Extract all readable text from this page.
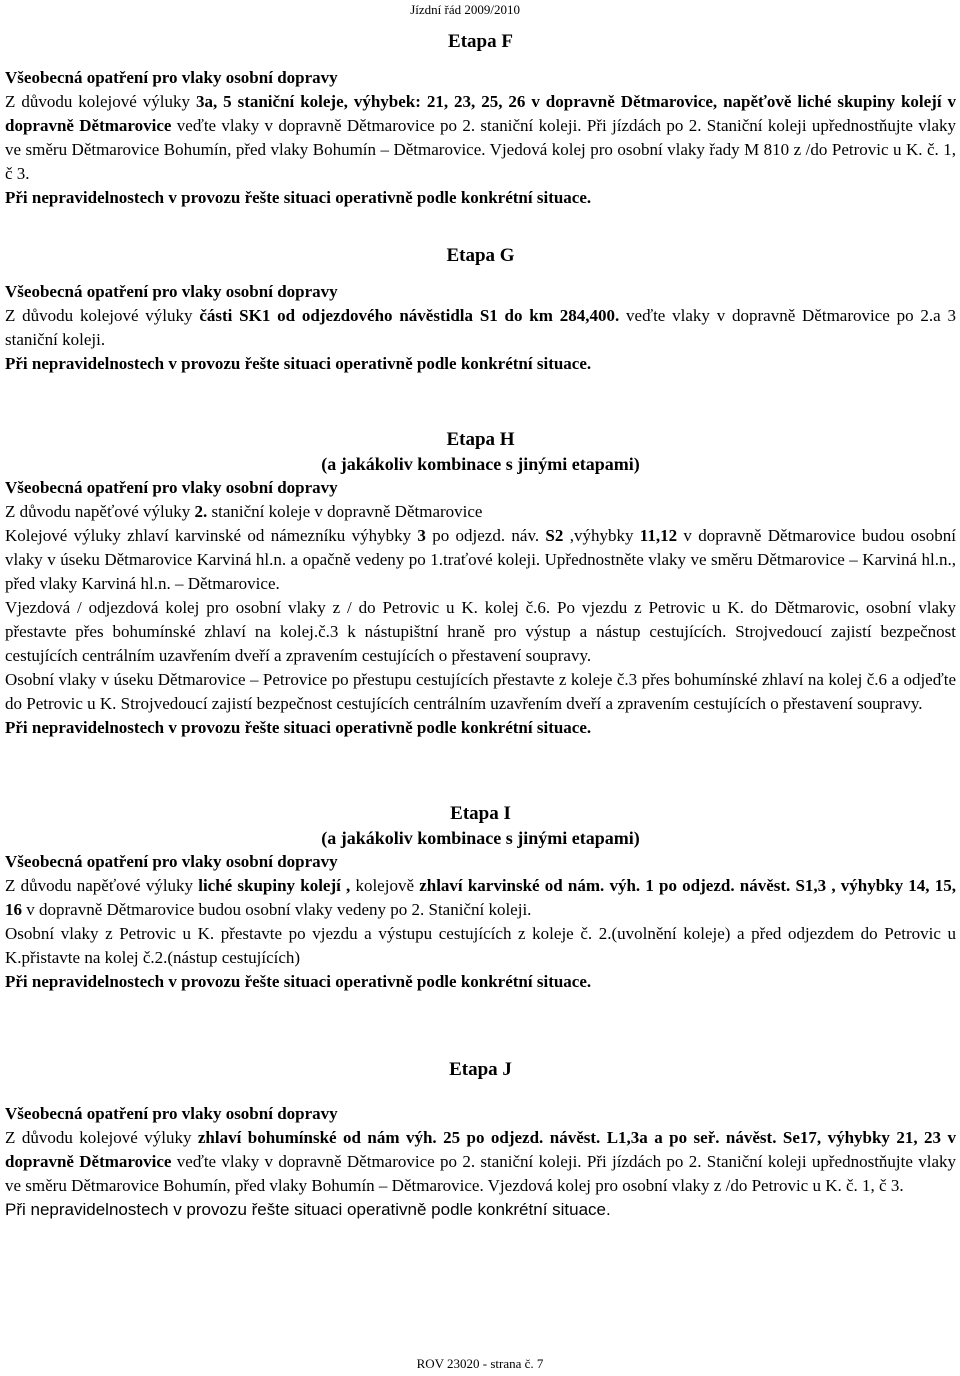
Jízdní řád 2009/2010
Etapa F

Všeobecná opatření pro vlaky osobní dopravy

Z důvodu kolejové výluky 3a, 5 staniční koleje, výhybek: 21, 23, 25, 26 v dopravně Dětmarovice, napěťově liché skupiny kolejí v dopravně Dětmarovice veďte vlaky v dopravně Dětmarovice po 2. staniční koleji. Při jízdách po 2. Staniční koleji upřednostňujte vlaky ve směru Dětmarovice Bohumín, před vlaky Bohumín – Dětmarovice. Vjedová kolej pro osobní vlaky řady M 810 z /do Petrovic u K. č. 1, č 3.

Při nepravidelnostech v provozu řešte situaci operativně podle konkrétní situace.

Etapa G

Všeobecná opatření pro vlaky osobní dopravy

Z důvodu kolejové výluky části SK1 od odjezdového návěstidla S1 do km 284,400. veďte vlaky v dopravně Dětmarovice po 2.a 3 staniční koleji.

Při nepravidelnostech v provozu řešte situaci operativně podle konkrétní situace.

Etapa H
(a jakákoliv kombinace s jinými etapami)

Všeobecná opatření pro vlaky osobní dopravy

Z důvodu napěťové výluky 2. staniční koleje v dopravně Dětmarovice

Kolejové výluky zhlaví karvinské od námezníku výhybky 3 po odjezd. náv. S2 ,výhybky 11,12 v dopravně Dětmarovice budou osobní vlaky v úseku Dětmarovice Karviná hl.n. a opačně vedeny po 1.traťové koleji. Upřednostněte vlaky ve směru Dětmarovice – Karviná hl.n., před vlaky Karviná hl.n. – Dětmarovice.

Vjezdová / odjezdová kolej pro osobní vlaky z / do Petrovic u K. kolej č.6. Po vjezdu z Petrovic u K. do Dětmarovic, osobní vlaky přestavte přes bohumínské zhlaví na kolej.č.3 k nástupištní hraně pro výstup a nástup cestujících. Strojvedoucí zajistí bezpečnost cestujících centrálním uzavřením dveří a zpravením cestujících o přestavení soupravy.

Osobní vlaky v úseku Dětmarovice – Petrovice po přestupu cestujících přestavte z koleje č.3 přes bohumínské zhlaví na kolej č.6 a odjeďte do Petrovic u K. Strojvedoucí zajistí bezpečnost cestujících centrálním uzavřením dveří a zpravením cestujících o přestavení soupravy.

Při nepravidelnostech v provozu řešte situaci operativně podle konkrétní situace.

Etapa I
(a jakákoliv kombinace s jinými etapami)

Všeobecná opatření pro vlaky osobní dopravy

Z důvodu napěťové výluky liché skupiny kolejí , kolejově zhlaví karvinské od nám. výh. 1 po odjezd. návěst. S1,3 , výhybky 14, 15, 16 v dopravně Dětmarovice budou osobní vlaky vedeny po 2. Staniční koleji.

Osobní vlaky z Petrovic u K. přestavte po vjezdu a výstupu cestujících z koleje č. 2.(uvolnění koleje) a před odjezdem do Petrovic u K.přistavte na kolej č.2.(nástup cestujících)

Při nepravidelnostech v provozu řešte situaci operativně podle konkrétní situace.

Etapa J

Všeobecná opatření pro vlaky osobní dopravy

Z důvodu kolejové výluky zhlaví bohumínské od nám výh. 25 po odjezd. návěst. L1,3a a po seř. návěst. Se17, výhybky 21, 23 v dopravně Dětmarovice veďte vlaky v dopravně Dětmarovice po 2. staniční koleji. Při jízdách po 2. Staniční koleji upřednostňujte vlaky ve směru Dětmarovice Bohumín, před vlaky Bohumín – Dětmarovice. Vjezdová kolej pro osobní vlaky z /do Petrovic u K. č. 1, č 3.

Při nepravidelnostech v provozu řešte situaci operativně podle konkrétní situace.

ROV 23020 - strana č. 7
